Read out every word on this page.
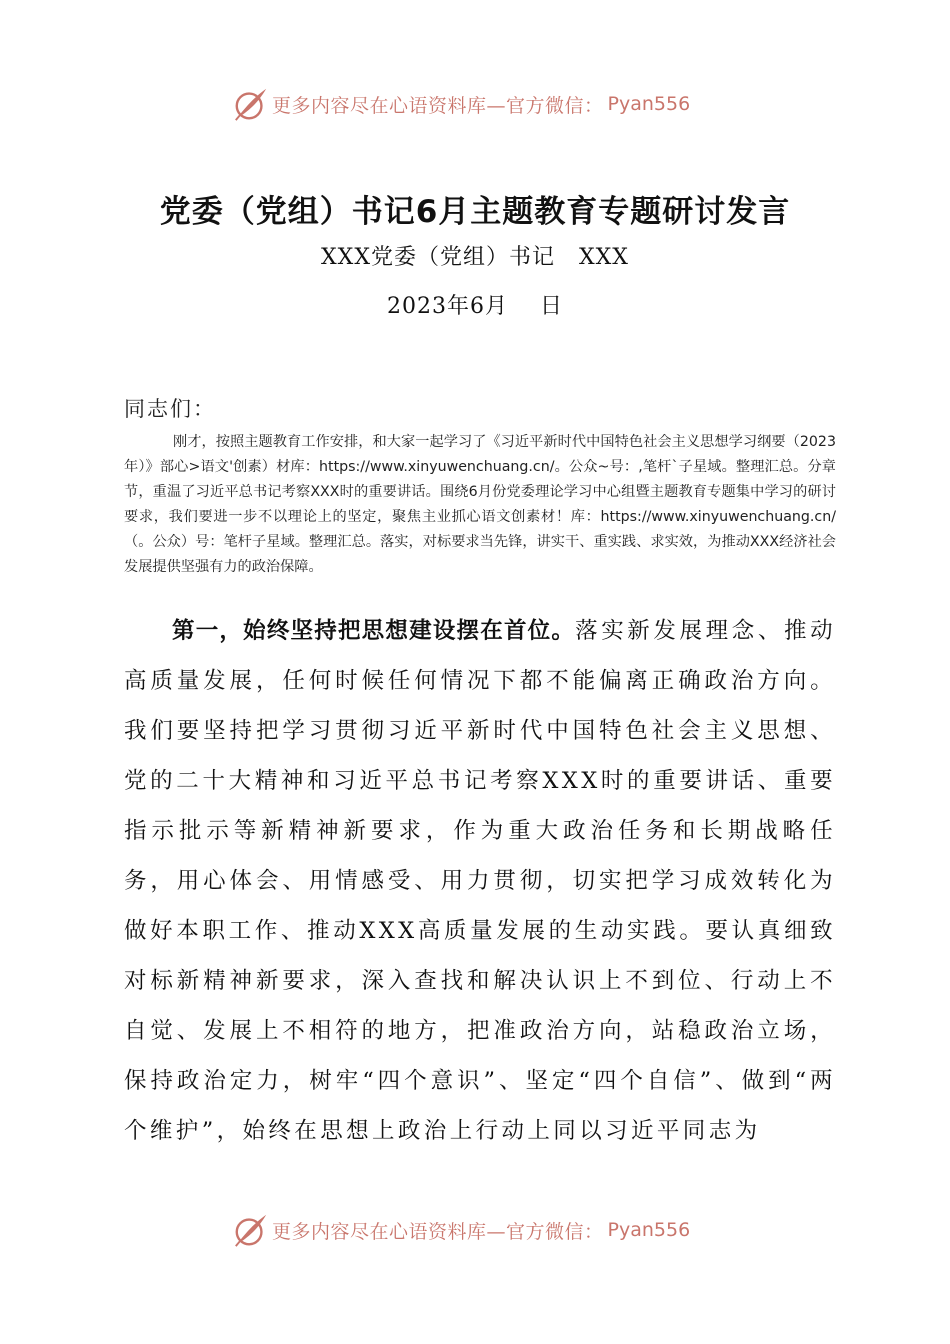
更多内容尽在心语资料库—官方微信： Pyan556
党委（党组）书记6月主题教育专题研讨发言
XXX党委（党组）书记   XXX
2023年6月    日
同志们：
刚才，按照主题教育工作安排，和大家一起学习了《习近平新时代中国特色社会主义思想学习纲要（2023年）》部心>语文'创素）材库：https://www.xinyuwenchuang.cn/。公众~号：,笔杆`子星域。整理汇总。分章节，重温了习近平总书记考察XXX时的重要讲话。围绕6月份党委理论学习中心组暨主题教育专题集中学习的研讨要求，我们要进一步不以理论上的坚定，聚焦主业抓心语文创素材！库：https://www.xinyuwenchuang.cn/（。公众）号：笔杆子星域。整理汇总。落实，对标要求当先锋，讲实干、重实践、求实效，为推动XXX经济社会发展提供坚强有力的政治保障。
第一，始终坚持把思想建设摆在首位。落实新发展理念、推动高质量发展，任何时候任何情况下都不能偏离正确政治方向。我们要坚持把学习贯彻习近平新时代中国特色社会主义思想、党的二十大精神和习近平总书记考察XXX时的重要讲话、重要指示批示等新精神新要求，作为重大政治任务和长期战略任务，用心体会、用情感受、用力贯彻，切实把学习成效转化为做好本职工作、推动XXX高质量发展的生动实践。要认真细致对标新精神新要求，深入查找和解决认识上不到位、行动上不自觉、发展上不相符的地方，把准政治方向，站稳政治立场，保持政治定力，树牢“四个意识”、坚定“四个自信”、做到“两个维护”，始终在思想上政治上行动上同以习近平同志为
更多内容尽在心语资料库—官方微信： Pyan556
